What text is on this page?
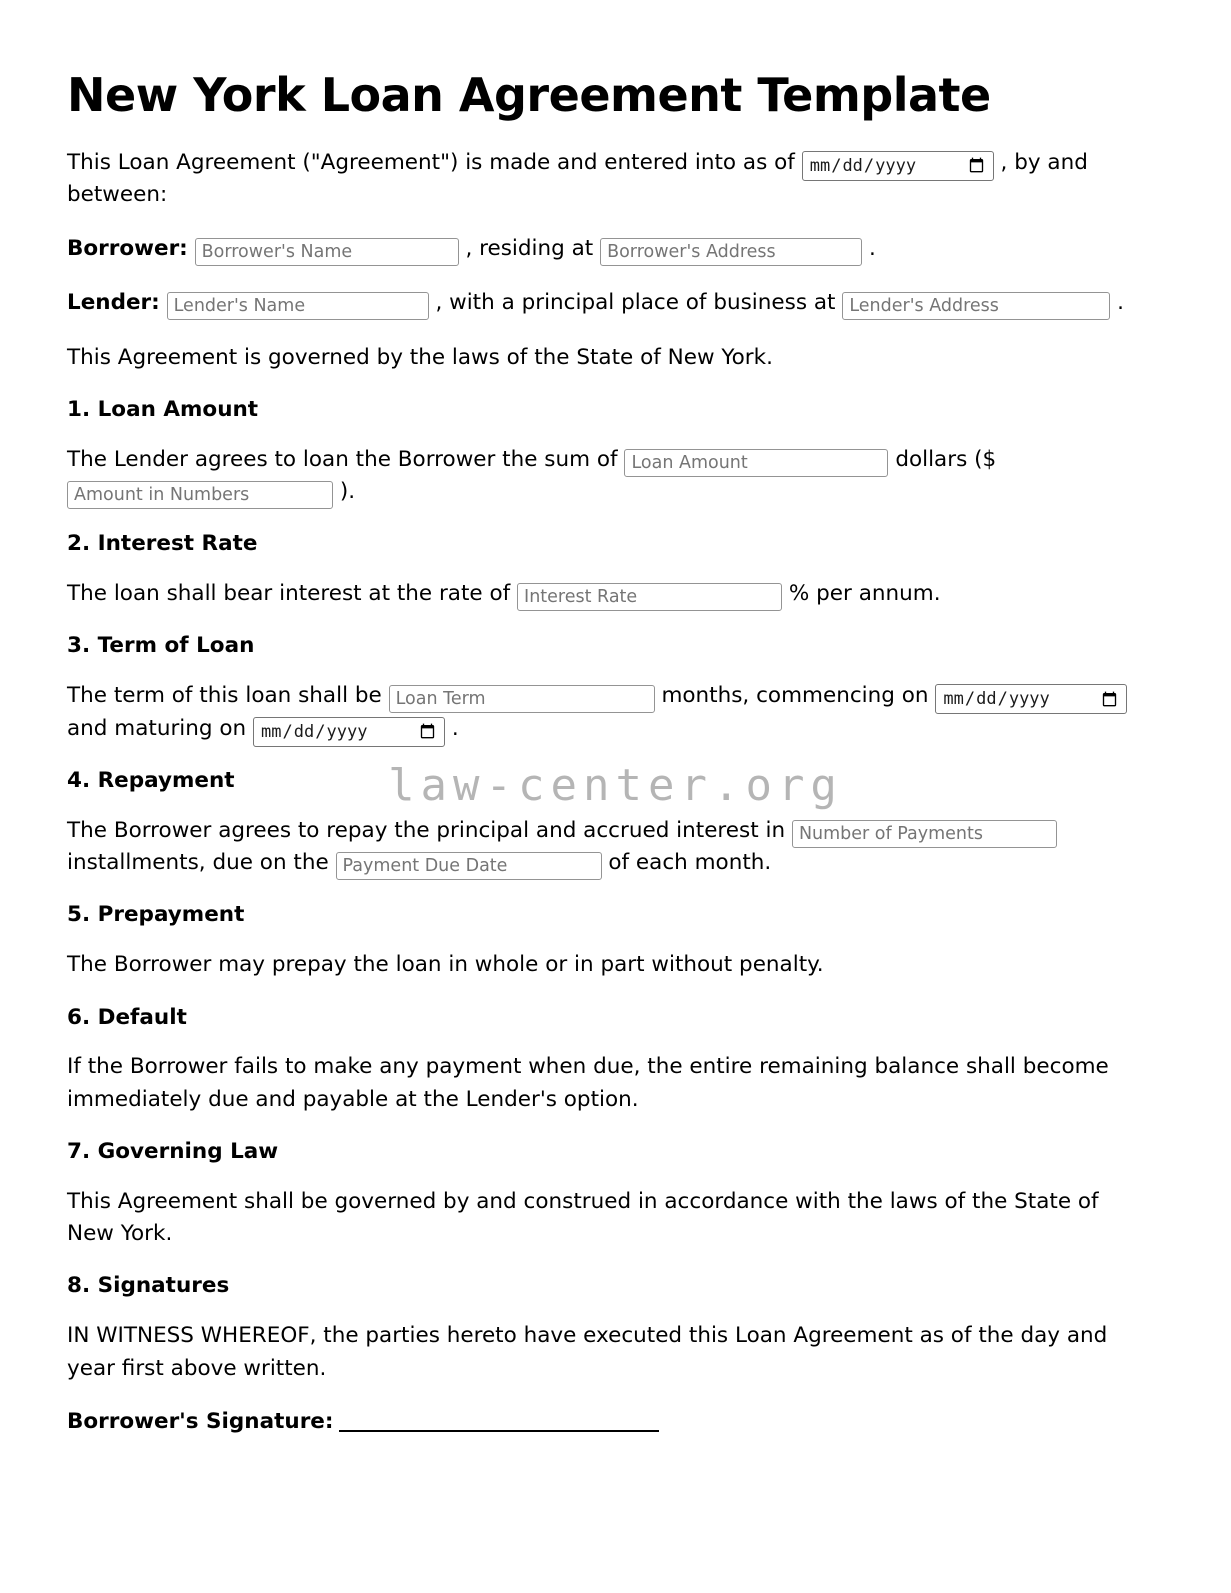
law-center.org
New York Loan Agreement Template

This Loan Agreement ("Agreement") is made and entered into as of mm/dd/yyyy	, by and between:

Borrower: Borrower's Name	, residing at Borrower's Address	.

Lender: Lender's Name	, with a principal place of business at Lender's Address	.

This Agreement is governed by the laws of the State of New York.

1. Loan Amount

The Lender agrees to loan the Borrower the sum of Loan Amount	dollars ($ Amount in Numbers ).

2. Interest Rate

The loan shall bear interest at the rate of Interest Rate	% per annum.

3. Term of Loan

The term of this loan shall be Loan Term	months, commencing on mm/dd/yyyy and maturing on mm/dd/yyyy	.

4. Repayment

The Borrower agrees to repay the principal and accrued interest in Number of Payments installments, due on the Payment Due Date	of each month.

5. Prepayment

The Borrower may prepay the loan in whole or in part without penalty.

6. Default

If the Borrower fails to make any payment when due, the entire remaining balance shall become immediately due and payable at the Lender's option.

7. Governing Law

This Agreement shall be governed by and construed in accordance with the laws of the State of New York.

8. Signatures

IN WITNESS WHEREOF, the parties hereto have executed this Loan Agreement as of the day and year first above written.

Borrower's Signature:
